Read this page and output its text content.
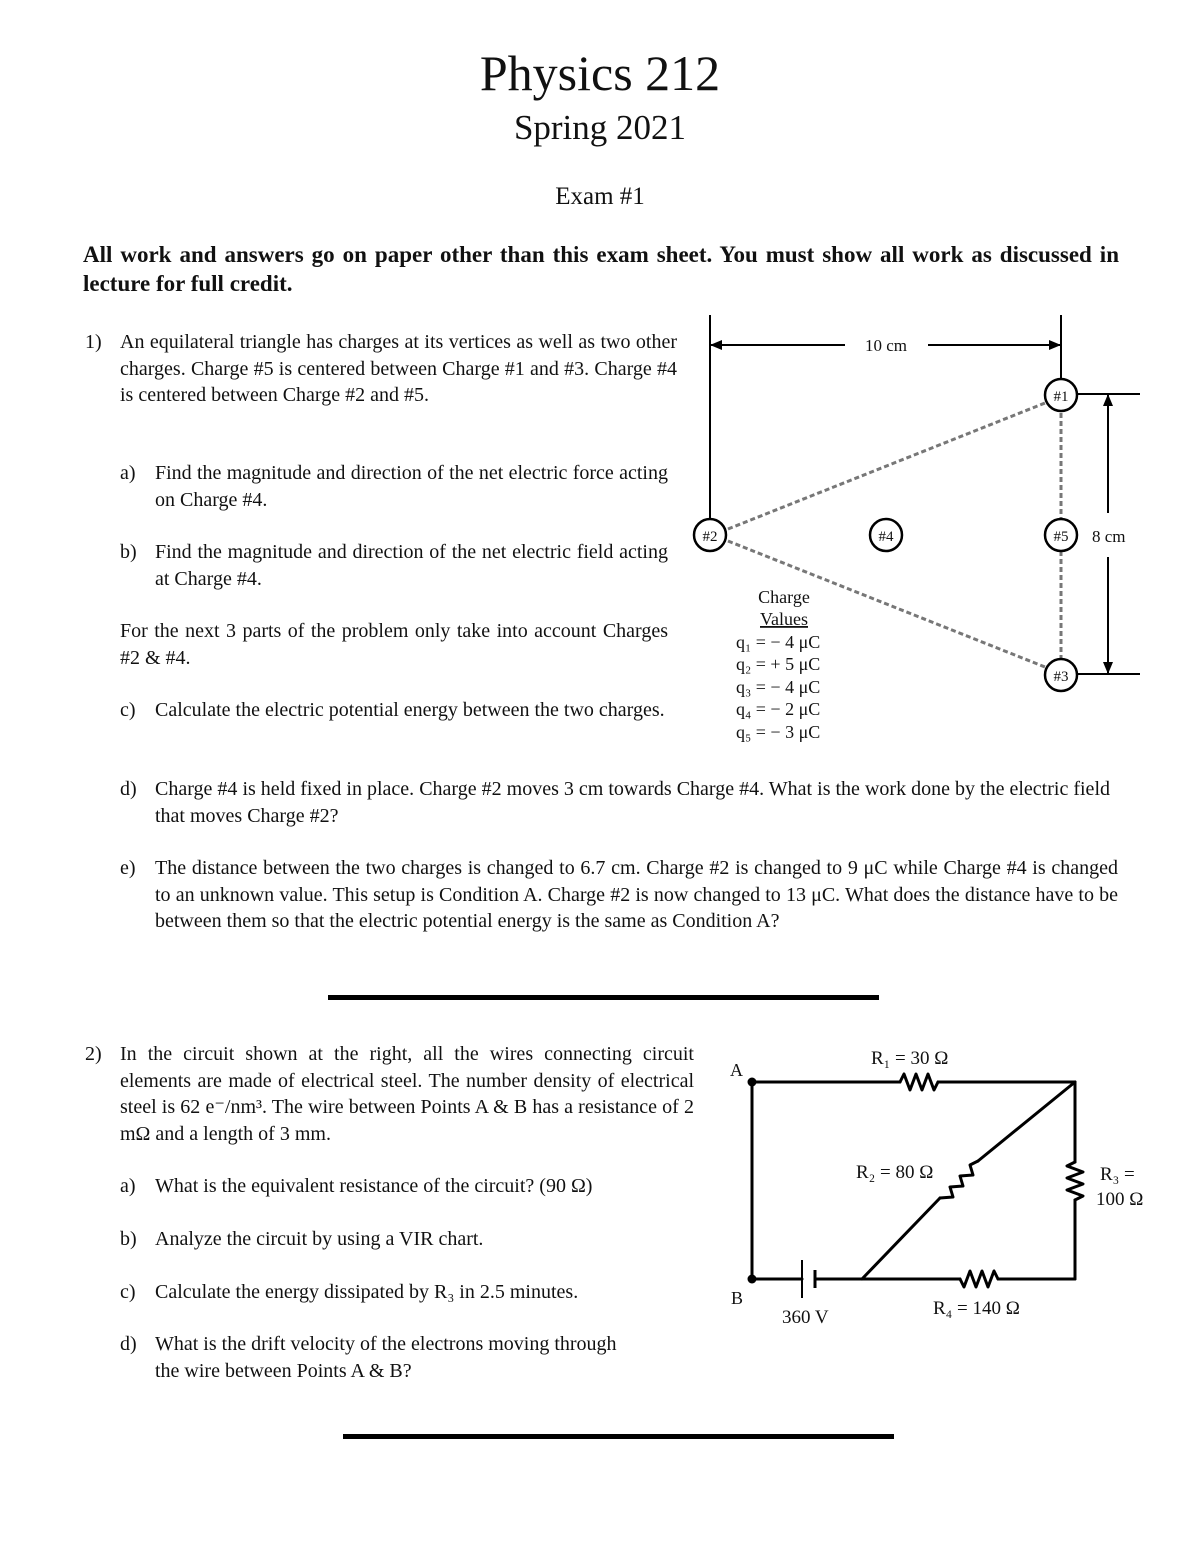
Physics 212
Spring 2021
Exam #1
All work and answers go on paper other than this exam sheet. You must show all work as discussed in lecture for full credit.
1) An equilateral triangle has charges at its vertices as well as two other charges. Charge #5 is centered between Charge #1 and #3. Charge #4 is centered between Charge #2 and #5.
a) Find the magnitude and direction of the net electric force acting on Charge #4.
b) Find the magnitude and direction of the net electric field acting at Charge #4.
For the next 3 parts of the problem only take into account Charges #2 & #4.
c) Calculate the electric potential energy between the two charges.
d) Charge #4 is held fixed in place. Charge #2 moves 3 cm towards Charge #4. What is the work done by the electric field that moves Charge #2?
e) The distance between the two charges is changed to 6.7 cm. Charge #2 is changed to 9 μC while Charge #4 is changed to an unknown value. This setup is Condition A. Charge #2 is now changed to 13 μC. What does the distance have to be between them so that the electric potential energy is the same as Condition A?
10 cm
8 cm
#1
#2
#3
#4	#5
Charge
Values
q₁ = − 4 μC
q₂ = + 5 μC
q₃ = − 4 μC
q₄ = − 2 μC
q₅ = − 3 μC
2) In the circuit shown at the right, all the wires connecting circuit elements are made of electrical steel. The number density of electrical steel is 62 e⁻/nm³. The wire between Points A & B has a resistance of 2 mΩ and a length of 3 mm.
a) What is the equivalent resistance of the circuit? (90 Ω)
b) Analyze the circuit by using a VIR chart.
c) Calculate the energy dissipated by R₃ in 2.5 minutes.
d) What is the drift velocity of the electrons moving through the wire between Points A & B?
A
B
R₁ = 30 Ω
R₂ = 80 Ω	R₃ =
100 Ω
R₄ = 140 Ω
360 V
